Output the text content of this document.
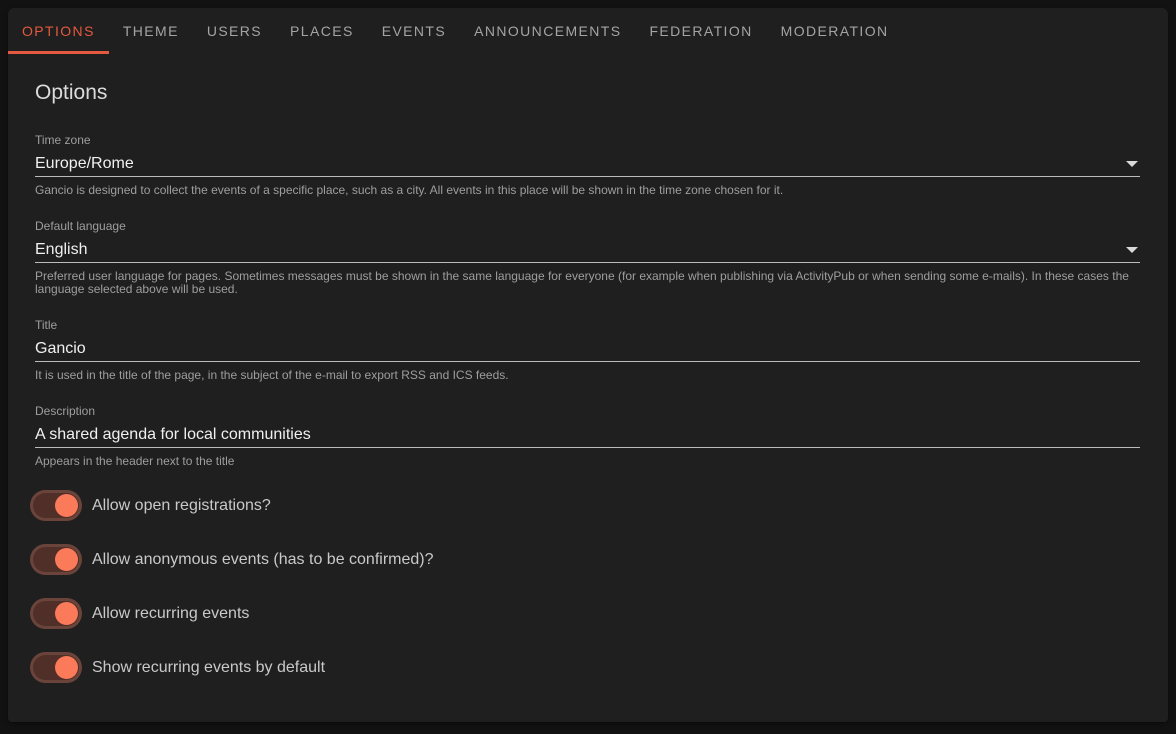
OPTIONS THEME USERS PLACES EVENTS ANNOUNCEMENTS FEDERATION MODERATION
Options
Time zone
Europe/Rome
Gancio is designed to collect the events of a specific place, such as a city. All events in this place will be shown in the time zone chosen for it.
Default language
English
Preferred user language for pages. Sometimes messages must be shown in the same language for everyone (for example when publishing via ActivityPub or when sending some e-mails). In these cases the language selected above will be used.
Title
Gancio
It is used in the title of the page, in the subject of the e-mail to export RSS and ICS feeds.
Description
A shared agenda for local communities
Appears in the header next to the title
Allow open registrations?
Allow anonymous events (has to be confirmed)?
Allow recurring events
Show recurring events by default
